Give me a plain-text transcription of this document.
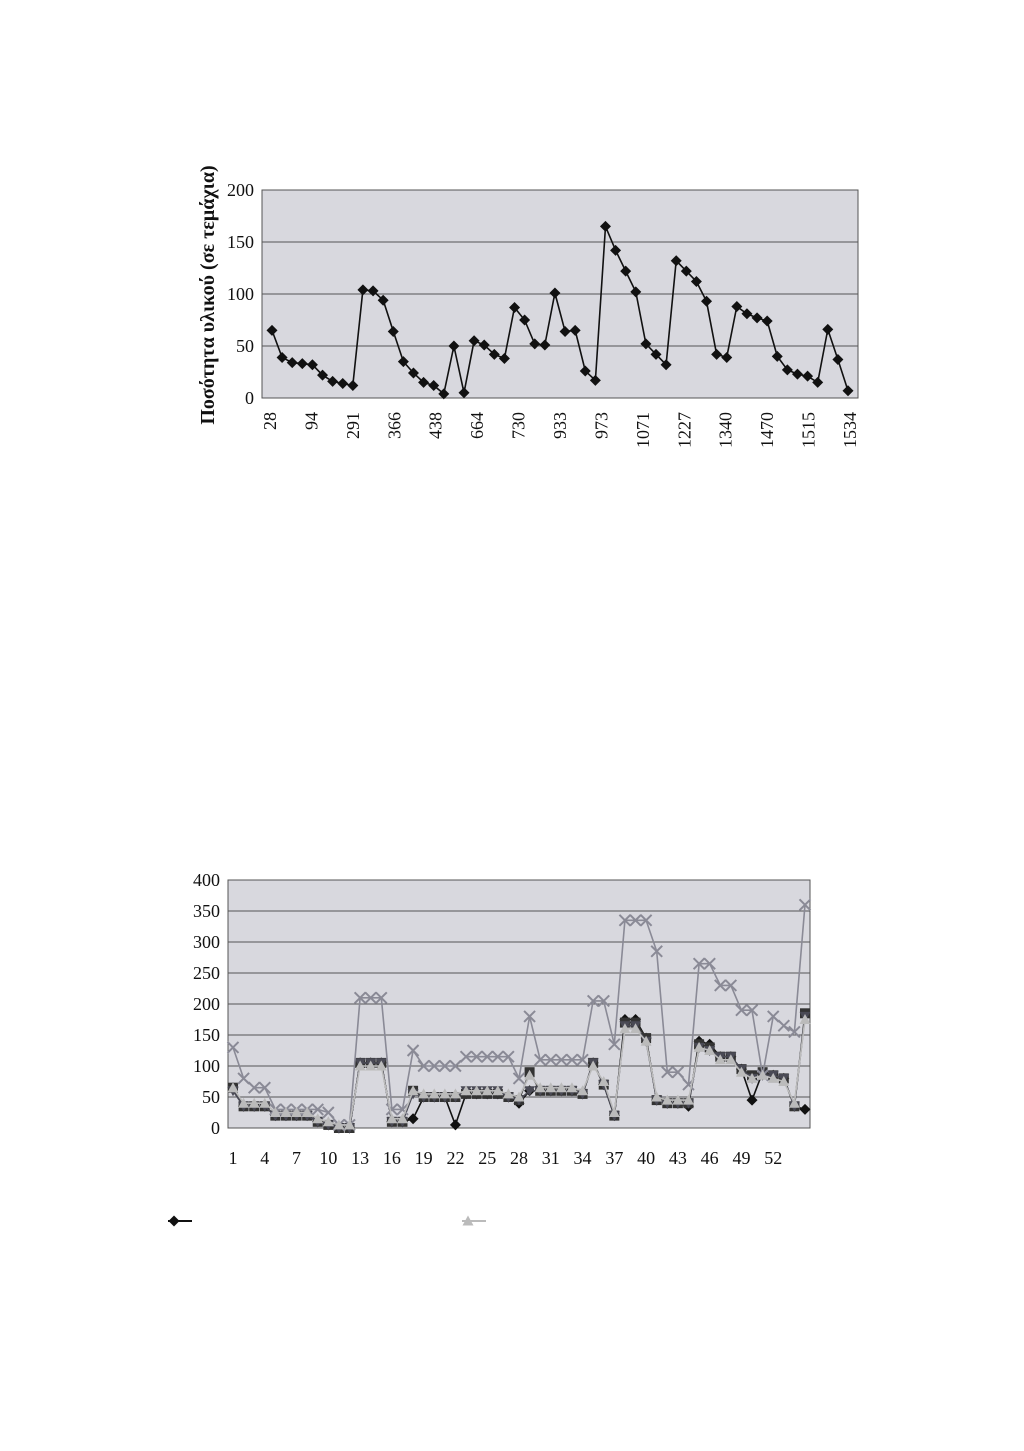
0
50
100
150
200
28 94 291 366 438 664 730 933 973 1071 1227 1340 1470 1515 1534
Ποσότητα υλικού (σε τεμάχια)
0
50
100
150
200
250
300
350
400
1 4 7 10 13 16 19 22 25 28 31 34 37 40 43 46 49 52
